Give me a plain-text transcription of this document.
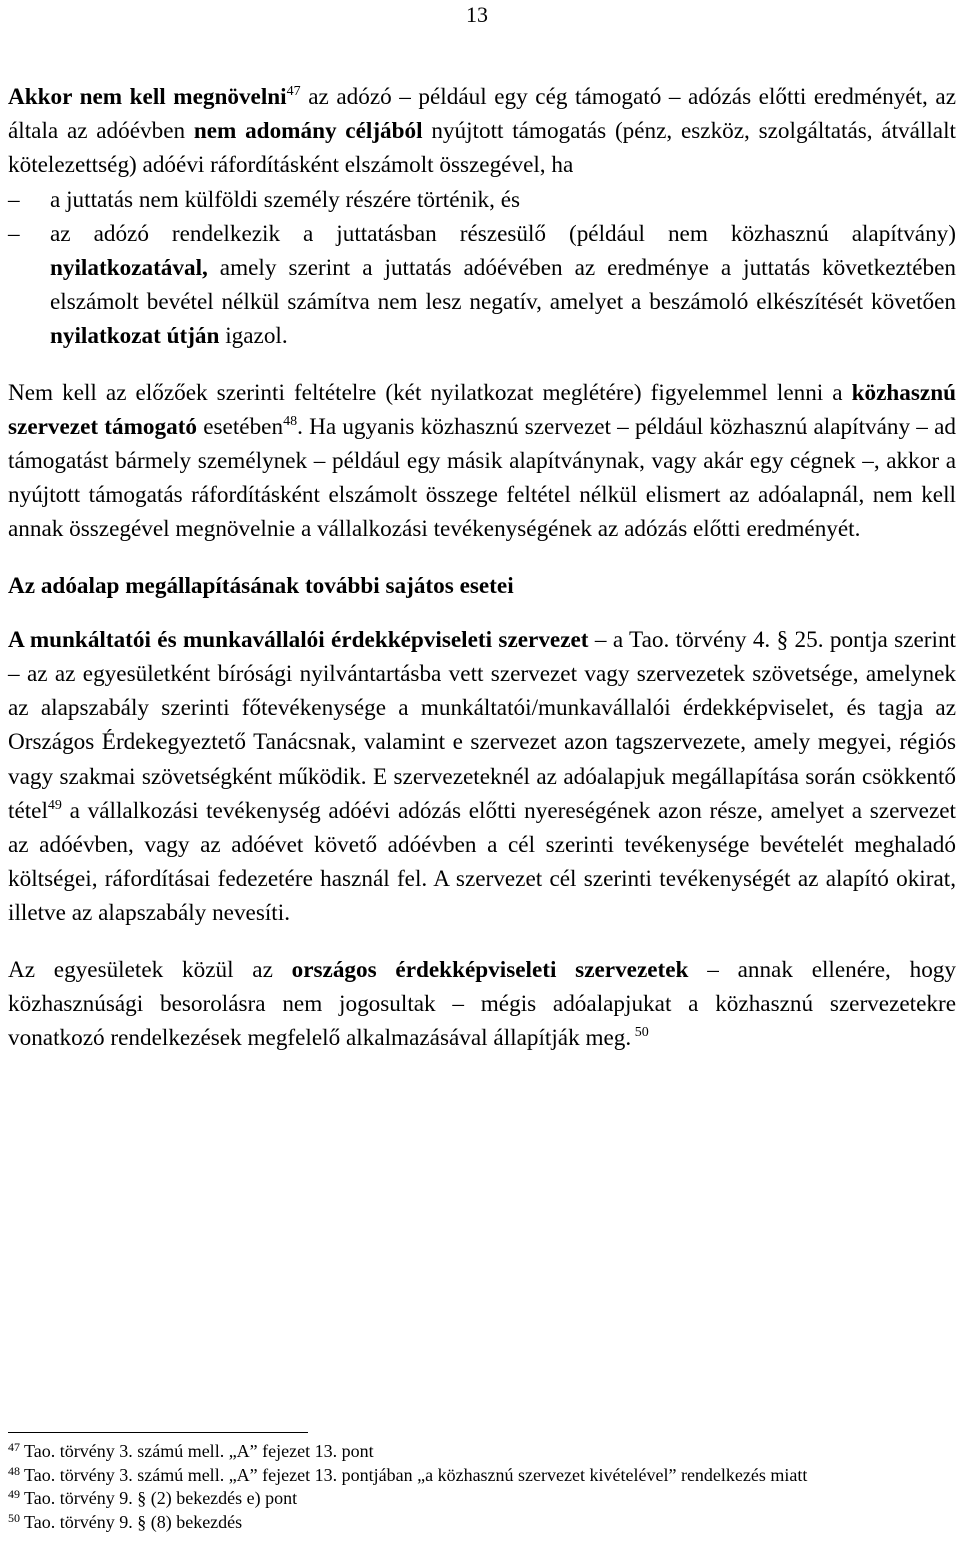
13

Akkor nem kell megnövelni$^{47}$ az adózó – például egy cég támogató – adózás előtti eredményét, az általa az adóévben nem adomány céljából nyújtott támogatás (pénz, eszköz, szolgáltatás, átvállalt kötelezettség) adóévi ráfordításként elszámolt összegével, ha

–	a juttatás nem külföldi személy részére történik, és
–	az adózó rendelkezik a juttatásban részesülő (például nem közhasznú alapítvány) nyilatkozatával, amely szerint a juttatás adóévében az eredménye a juttatás következtében elszámolt bevétel nélkül számítva nem lesz negatív, amelyet a beszámoló elkészítését követően nyilatkozat útján igazol.

Nem kell az előzőek szerinti feltételre (két nyilatkozat meglétére) figyelemmel lenni a közhasznú szervezet támogató esetében$^{48}$. Ha ugyanis közhasznú szervezet – például közhasznú alapítvány – ad támogatást bármely személynek – például egy másik alapítványnak, vagy akár egy cégnek –, akkor a nyújtott támogatás ráfordításként elszámolt összege feltétel nélkül elismert az adóalapnál, nem kell annak összegével megnövelnie a vállalkozási tevékenységének az adózás előtti eredményét.

Az adóalap megállapításának további sajátos esetei

A munkáltatói és munkavállalói érdekképviseleti szervezet – a Tao. törvény 4. § 25. pontja szerint – az az egyesületként bírósági nyilvántartásba vett szervezet vagy szervezetek szövetsége, amelynek az alapszabály szerinti főtevékenysége a munkáltatói/munkavállalói érdekképviselet, és tagja az Országos Érdekegyeztető Tanácsnak, valamint e szervezet azon tagszervezete, amely megyei, régiós vagy szakmai szövetségként működik. E szervezeteknél az adóalapjuk megállapítása során csökkentő tétel$^{49}$ a vállalkozási tevékenység adóévi adózás előtti nyereségének azon része, amelyet a szervezet az adóévben, vagy az adóévet követő adóévben a cél szerinti tevékenysége bevételét meghaladó költségei, ráfordításai fedezetére használ fel. A szervezet cél szerinti tevékenységét az alapító okirat, illetve az alapszabály nevesíti.

Az egyesületek közül az országos érdekképviseleti szervezetek – annak ellenére, hogy közhasznúsági besorolásra nem jogosultak – mégis adóalapjukat a közhasznú szervezetekre vonatkozó rendelkezések megfelelő alkalmazásával állapítják meg. $^{50}$

$^{47}$ Tao. törvény 3. számú mell. „A” fejezet 13. pont

$^{48}$ Tao. törvény 3. számú mell. „A” fejezet 13. pontjában „a közhasznú szervezet kivételével” rendelkezés miatt

$^{49}$ Tao. törvény 9. § (2) bekezdés e) pont

$^{50}$ Tao. törvény 9. § (8) bekezdés
